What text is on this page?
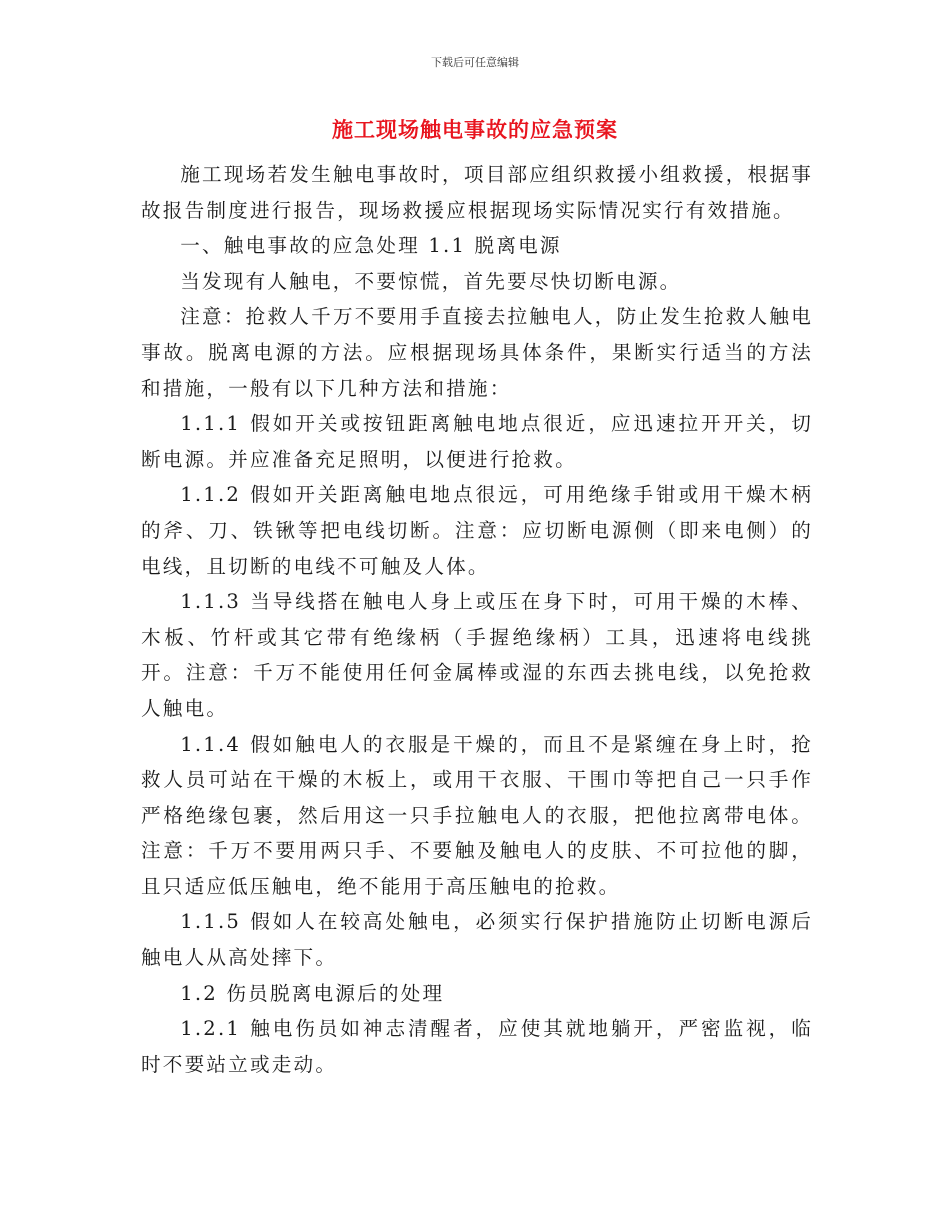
下载后可任意编辑
施工现场触电事故的应急预案

施工现场若发生触电事故时，项目部应组织救援小组救援，根据事故报告制度进行报告，现场救援应根据现场实际情况实行有效措施。

一、触电事故的应急处理 1.1 脱离电源

当发现有人触电，不要惊慌，首先要尽快切断电源。

注意：抢救人千万不要用手直接去拉触电人，防止发生抢救人触电事故。脱离电源的方法。应根据现场具体条件，果断实行适当的方法和措施，一般有以下几种方法和措施：

1.1.1 假如开关或按钮距离触电地点很近，应迅速拉开开关，切断电源。并应准备充足照明，以便进行抢救。

1.1.2 假如开关距离触电地点很远，可用绝缘手钳或用干燥木柄的斧、刀、铁锹等把电线切断。注意：应切断电源侧（即来电侧）的电线，且切断的电线不可触及人体。

1.1.3 当导线搭在触电人身上或压在身下时，可用干燥的木棒、木板、竹杆或其它带有绝缘柄（手握绝缘柄）工具，迅速将电线挑开。注意：千万不能使用任何金属棒或湿的东西去挑电线，以免抢救人触电。

1.1.4 假如触电人的衣服是干燥的，而且不是紧缠在身上时，抢救人员可站在干燥的木板上，或用干衣服、干围巾等把自己一只手作严格绝缘包裹，然后用这一只手拉触电人的衣服，把他拉离带电体。注意：千万不要用两只手、不要触及触电人的皮肤、不可拉他的脚，且只适应低压触电，绝不能用于高压触电的抢救。

1.1.5 假如人在较高处触电，必须实行保护措施防止切断电源后触电人从高处摔下。

1.2 伤员脱离电源后的处理

1.2.1 触电伤员如神志清醒者，应使其就地躺开，严密监视，临时不要站立或走动。
